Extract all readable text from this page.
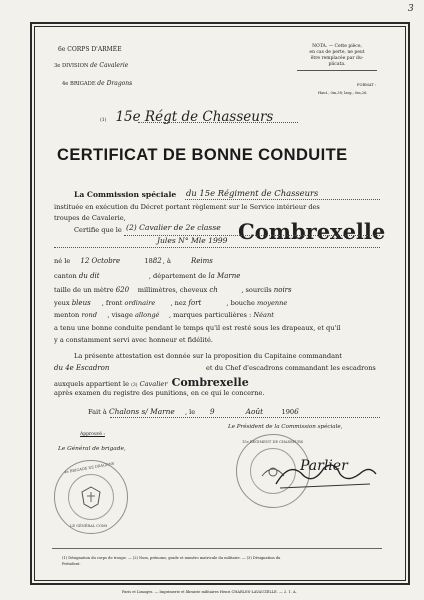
3
6e CORPS D'ARMÉE
3e DIVISION de Cavalerie
4e BRIGADE de Dragons
(1) 15e Régt de Chasseurs
NOTA. — Cette pièce,
en cas de perte, ne peut
être remplacée par du-
plicata.
FORMAT :
Haut., 0m,38; larg., 0m,26.
CERTIFICAT DE BONNE CONDUITE
La Commission spéciale du 15e Régiment de Chasseurs
instituée en exécution du Décret portant règlement sur le Service intérieur des
troupes de Cavalerie,
Certifie que le (2) Cavalier de 2e classe
Jules N° Mle 1999 Combrexelle
né le 12 Octobre	1882, à	Reims
canton du dit	, département de la Marne
taille de un mètre 620 millimètres, cheveux ch	, sourcils noirs
yeux bleus , front ordinaire , nez fort	, bouche moyenne
menton rond , visage allongé , marques particulières : Néant
a tenu une bonne conduite pendant le temps qu'il est resté sous les drapeaux, et qu'il
y a constamment servi avec honneur et fidélité.
La présente attestation est donnée sur la proposition du Capitaine commandant
du 4e Escadron	et du Chef d'escadrons commandant les escadrons
auxquels appartient le (3) Cavalier Combrexelle
après examen du registre des punitions, en ce qui le concerne.
Fait à Chalons s/ Marne , le 9	Août	1906
Le Président de la Commission spéciale,
Approuvé :
Le Général de brigade,
4e BRIGADE DE DRAGONS
LE GÉNÉRAL COMt
15e REGIMENT DE CHASSEURS
Parlier
(1) Désignation du corps de troupe. — (2) Nom, prénoms, grade et numéro matricule du militaire. — (3) Désignation du
Président.
Paris et Limoges. — Imprimerie et librairie militaires Henri CHARLES-LAVAUZELLE. — 2. 1. A.
